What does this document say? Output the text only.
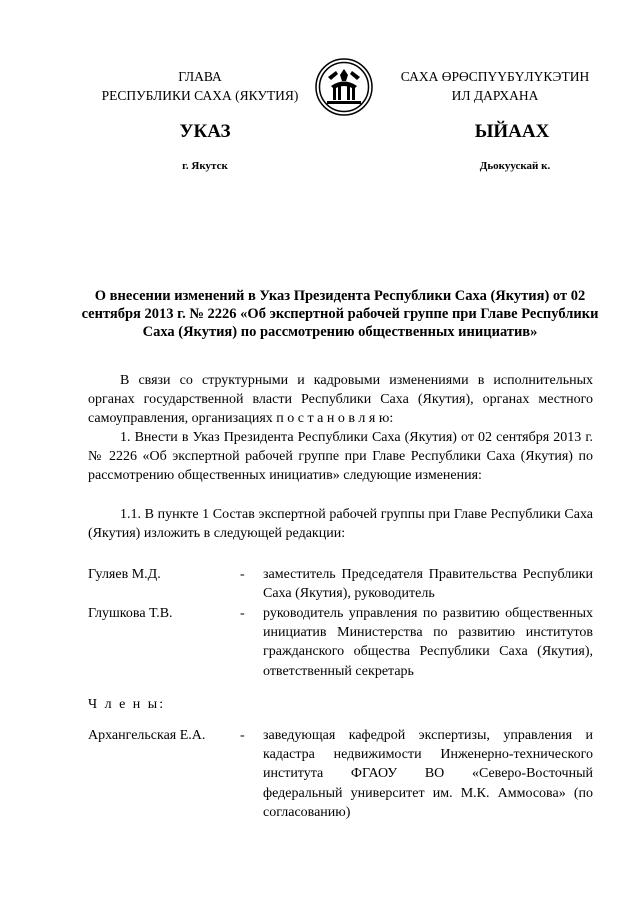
ГЛАВА
РЕСПУБЛИКИ САХА (ЯКУТИЯ)
САХА ӨРӨСПҮҮБҮЛҮКЭТИН
ИЛ ДАРХАНА
УКАЗ	ЫЙААХ
г. Якутск	Дьокуускай к.
О внесении изменений в Указ Президента Республики Саха (Якутия) от 02 сентября 2013 г. № 2226 «Об экспертной рабочей группе при Главе Республики Саха (Якутия) по рассмотрению общественных инициатив»

В связи со структурными и кадровыми изменениями в исполнительных органах государственной власти Республики Саха (Якутия), органах местного самоуправления, организациях п о с т а н о в л я ю:

1. Внести в Указ Президента Республики Саха (Якутия) от 02 сентября 2013 г. № 2226 «Об экспертной рабочей группе при Главе Республики Саха (Якутия) по рассмотрению общественных инициатив» следующие изменения:

1.1. В пункте 1 Состав экспертной рабочей группы при Главе Республики Саха (Якутия) изложить в следующей редакции:

Гуляев М.Д.	- заместитель Председателя Правительства Республики Саха (Якутия), руководитель
Глушкова Т.В.	- руководитель управления по развитию общественных инициатив Министерства по развитию институтов гражданского общества Республики Саха (Якутия), ответственный секретарь
Ч л е н ы:
Архангельская Е.А.	- заведующая кафедрой экспертизы, управления и кадастра недвижимости Инженерно-технического института ФГАОУ ВО «Северо-Восточный федеральный университет им. М.К. Аммосова» (по согласованию)
